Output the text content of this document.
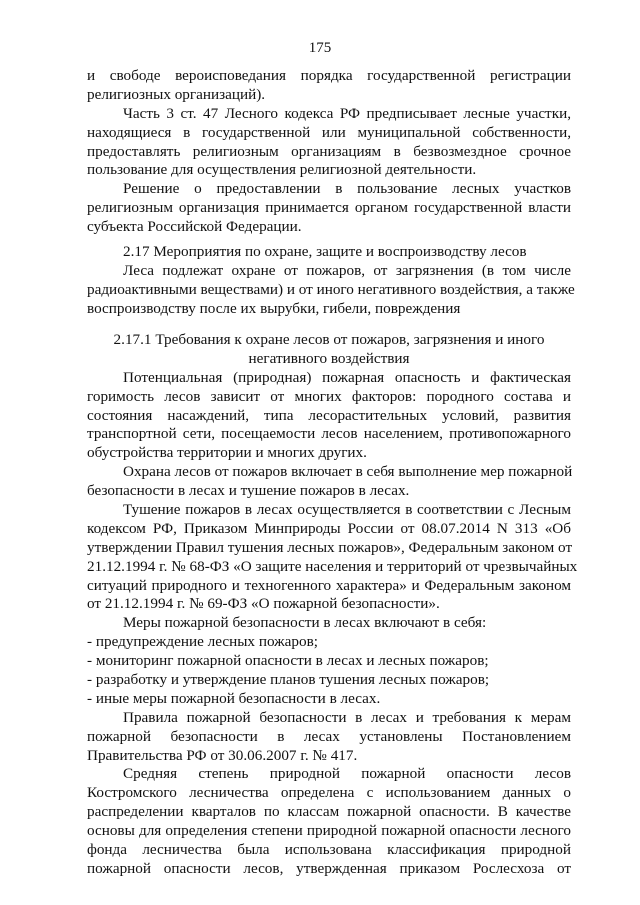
175
и свободе вероисповедания порядка государственной регистрации
религиозных организаций).
Часть 3 ст. 47 Лесного кодекса РФ предписывает лесные участки,
находящиеся в государственной или муниципальной собственности,
предоставлять религиозным организациям в безвозмездное срочное
пользование для осуществления религиозной деятельности.
Решение о предоставлении в пользование лесных участков
религиозным организация принимается органом государственной власти
субъекта Российской Федерации.
2.17 Мероприятия по охране, защите и воспроизводству лесов
Леса подлежат охране от пожаров, от загрязнения (в том числе
радиоактивными веществами) и от иного негативного воздействия, а также
воспроизводству после их вырубки, гибели, повреждения
2.17.1 Требования к охране лесов от пожаров, загрязнения и иного
негативного воздействия
Потенциальная (природная) пожарная опасность и фактическая
горимость лесов зависит от многих факторов: породного состава и
состояния насаждений, типа лесорастительных условий, развития
транспортной сети, посещаемости лесов населением, противопожарного
обустройства территории и многих других.
Охрана лесов от пожаров включает в себя выполнение мер пожарной
безопасности в лесах и тушение пожаров в лесах.
Тушение пожаров в лесах осуществляется в соответствии с Лесным
кодексом РФ, Приказом Минприроды России от 08.07.2014 N 313 «Об
утверждении Правил тушения лесных пожаров», Федеральным законом от
21.12.1994 г. № 68-ФЗ «О защите населения и территорий от чрезвычайных
ситуаций природного и техногенного характера» и Федеральным законом
от 21.12.1994 г. № 69-ФЗ «О пожарной безопасности».
Меры пожарной безопасности в лесах включают в себя:
- предупреждение лесных пожаров;
- мониторинг пожарной опасности в лесах и лесных пожаров;
- разработку и утверждение планов тушения лесных пожаров;
- иные меры пожарной безопасности в лесах.
Правила пожарной безопасности в лесах и требования к мерам
пожарной безопасности в лесах установлены Постановлением
Правительства РФ от 30.06.2007 г. № 417.
Средняя степень природной пожарной опасности лесов
Костромского лесничества определена с использованием данных о
распределении кварталов по классам пожарной опасности. В качестве
основы для определения степени природной пожарной опасности лесного
фонда лесничества была использована классификация природной
пожарной опасности лесов, утвержденная приказом Рослесхоза от
